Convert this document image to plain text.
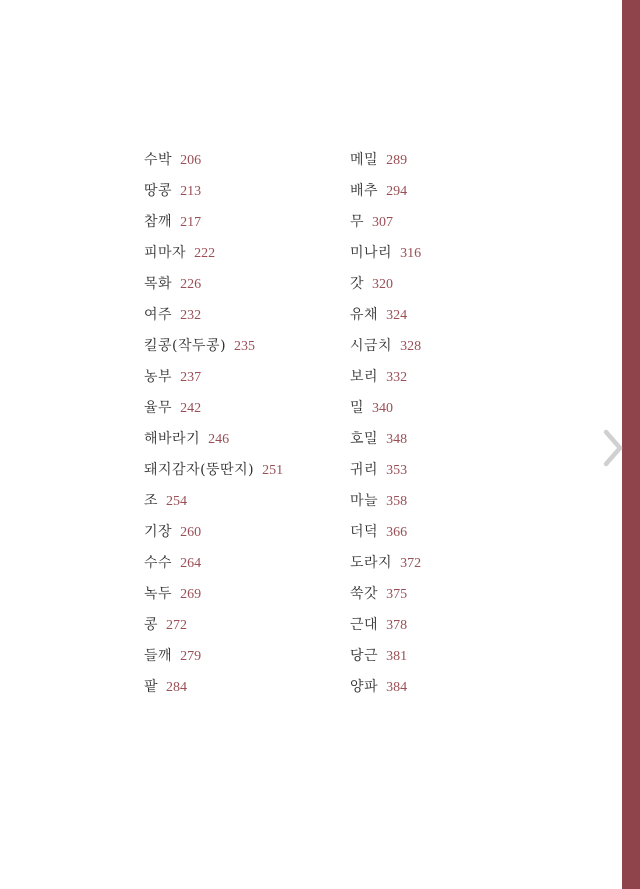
수박 206
땅콩 213
참깨 217
피마자 222
목화 226
여주 232
킬콩(작두콩) 235
농부 237
율무 242
해바라기 246
돼지감자(뚱딴지) 251
조 254
기장 260
수수 264
녹두 269
콩 272
들깨 279
팥 284
메밀 289
배추 294
무 307
미나리 316
갓 320
유채 324
시금치 328
보리 332
밀 340
호밀 348
귀리 353
마늘 358
더덕 366
도라지 372
쑥갓 375
근대 378
당근 381
양파 384
